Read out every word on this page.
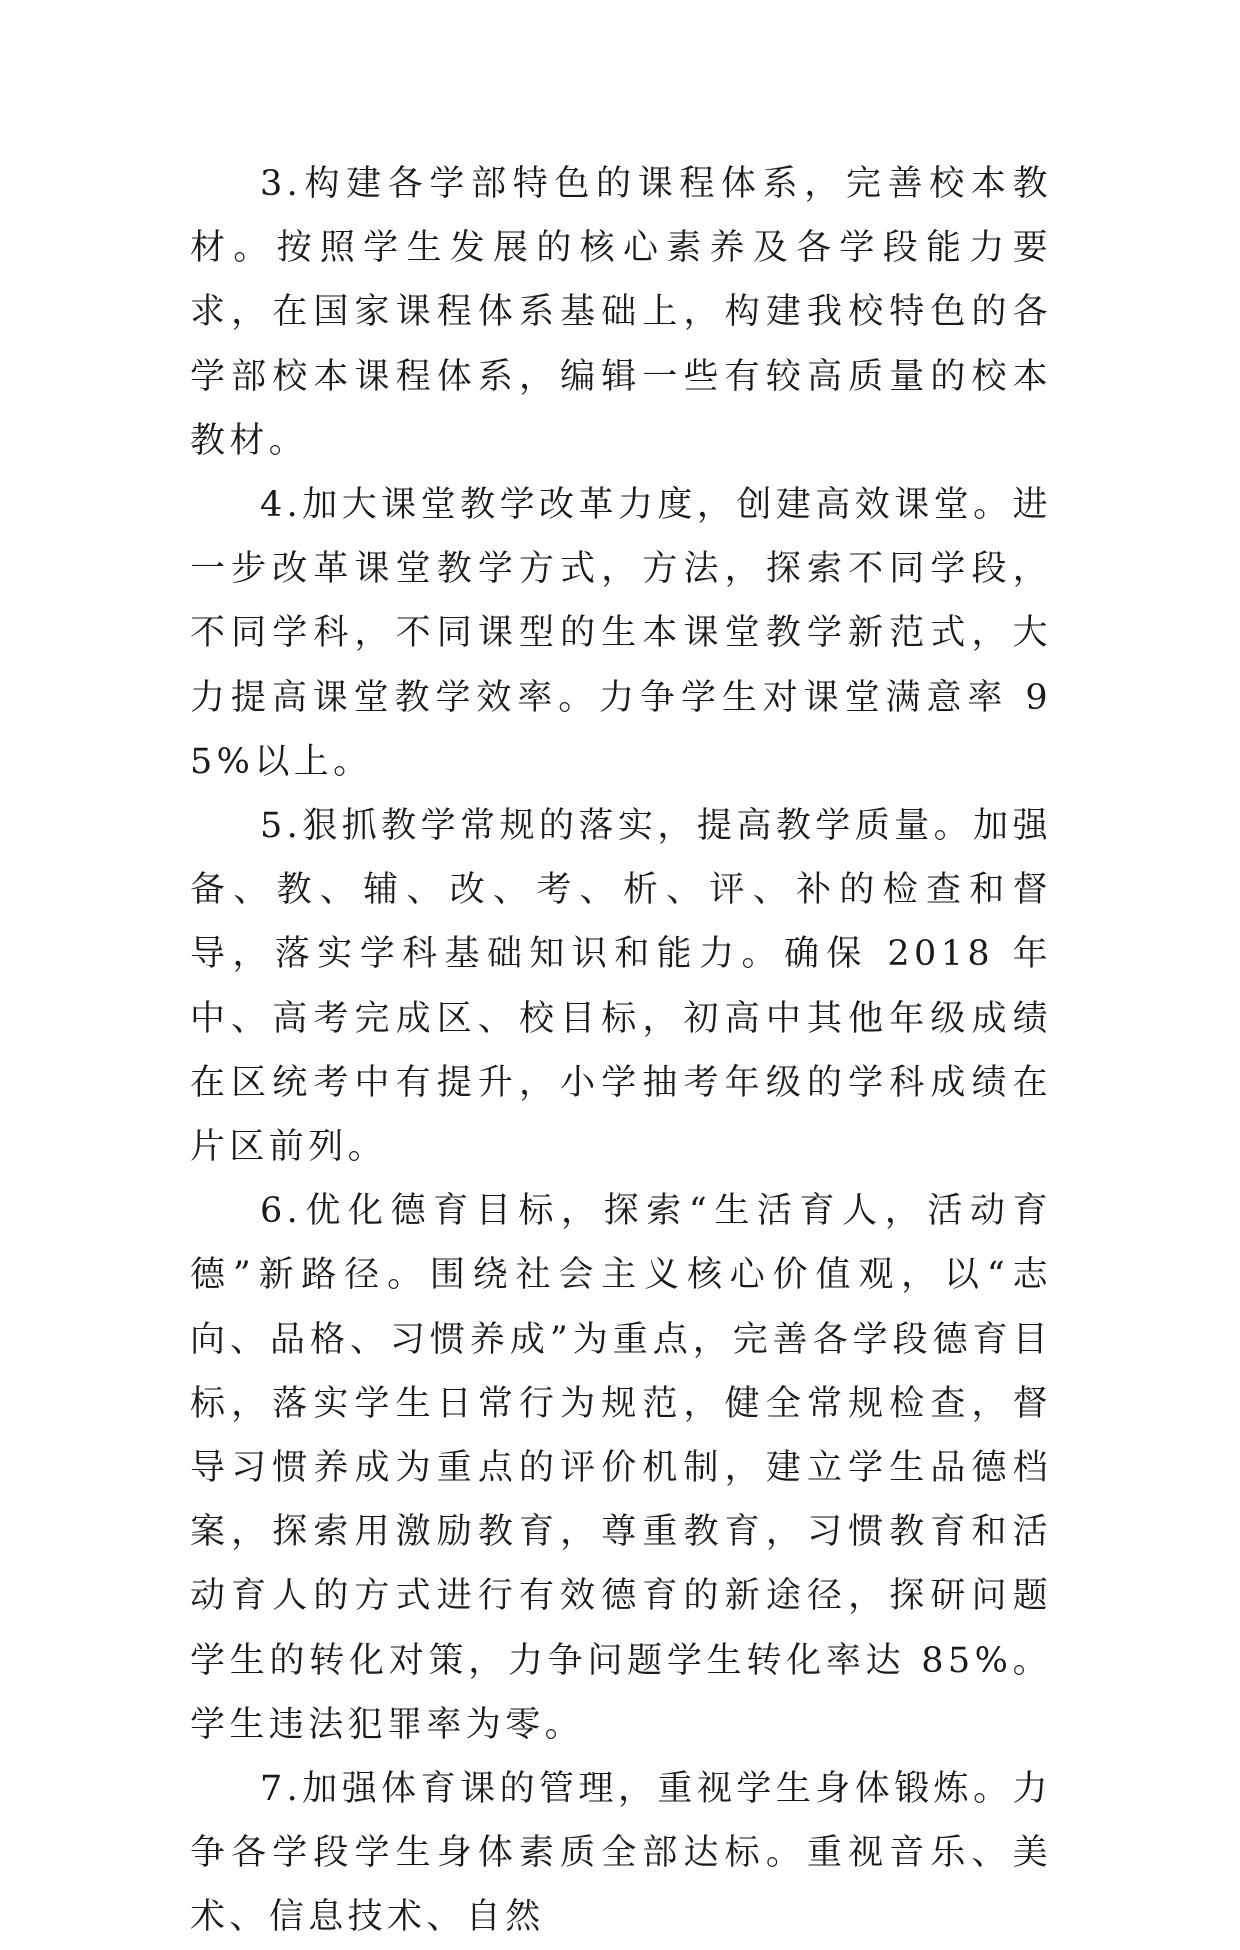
3.构建各学部特色的课程体系，完善校本教材。按照学生发展的核心素养及各学段能力要求，在国家课程体系基础上，构建我校特色的各学部校本课程体系，编辑一些有较高质量的校本教材。

4.加大课堂教学改革力度，创建高效课堂。进一步改革课堂教学方式，方法，探索不同学段，不同学科，不同课型的生本课堂教学新范式，大力提高课堂教学效率。力争学生对课堂满意率 95%以上。

5.狠抓教学常规的落实，提高教学质量。加强备、教、辅、改、考、析、评、补的检查和督导，落实学科基础知识和能力。确保 2018 年中、高考完成区、校目标，初高中其他年级成绩在区统考中有提升，小学抽考年级的学科成绩在片区前列。

6.优化德育目标，探索“生活育人，活动育德”新路径。围绕社会主义核心价值观，以“志向、品格、习惯养成”为重点，完善各学段德育目标，落实学生日常行为规范，健全常规检查，督导习惯养成为重点的评价机制，建立学生品德档案，探索用激励教育，尊重教育，习惯教育和活动育人的方式进行有效德育的新途径，探研问题学生的转化对策，力争问题学生转化率达 85%。学生违法犯罪率为零。

7.加强体育课的管理，重视学生身体锻炼。力争各学段学生身体素质全部达标。重视音乐、美术、信息技术、自然
